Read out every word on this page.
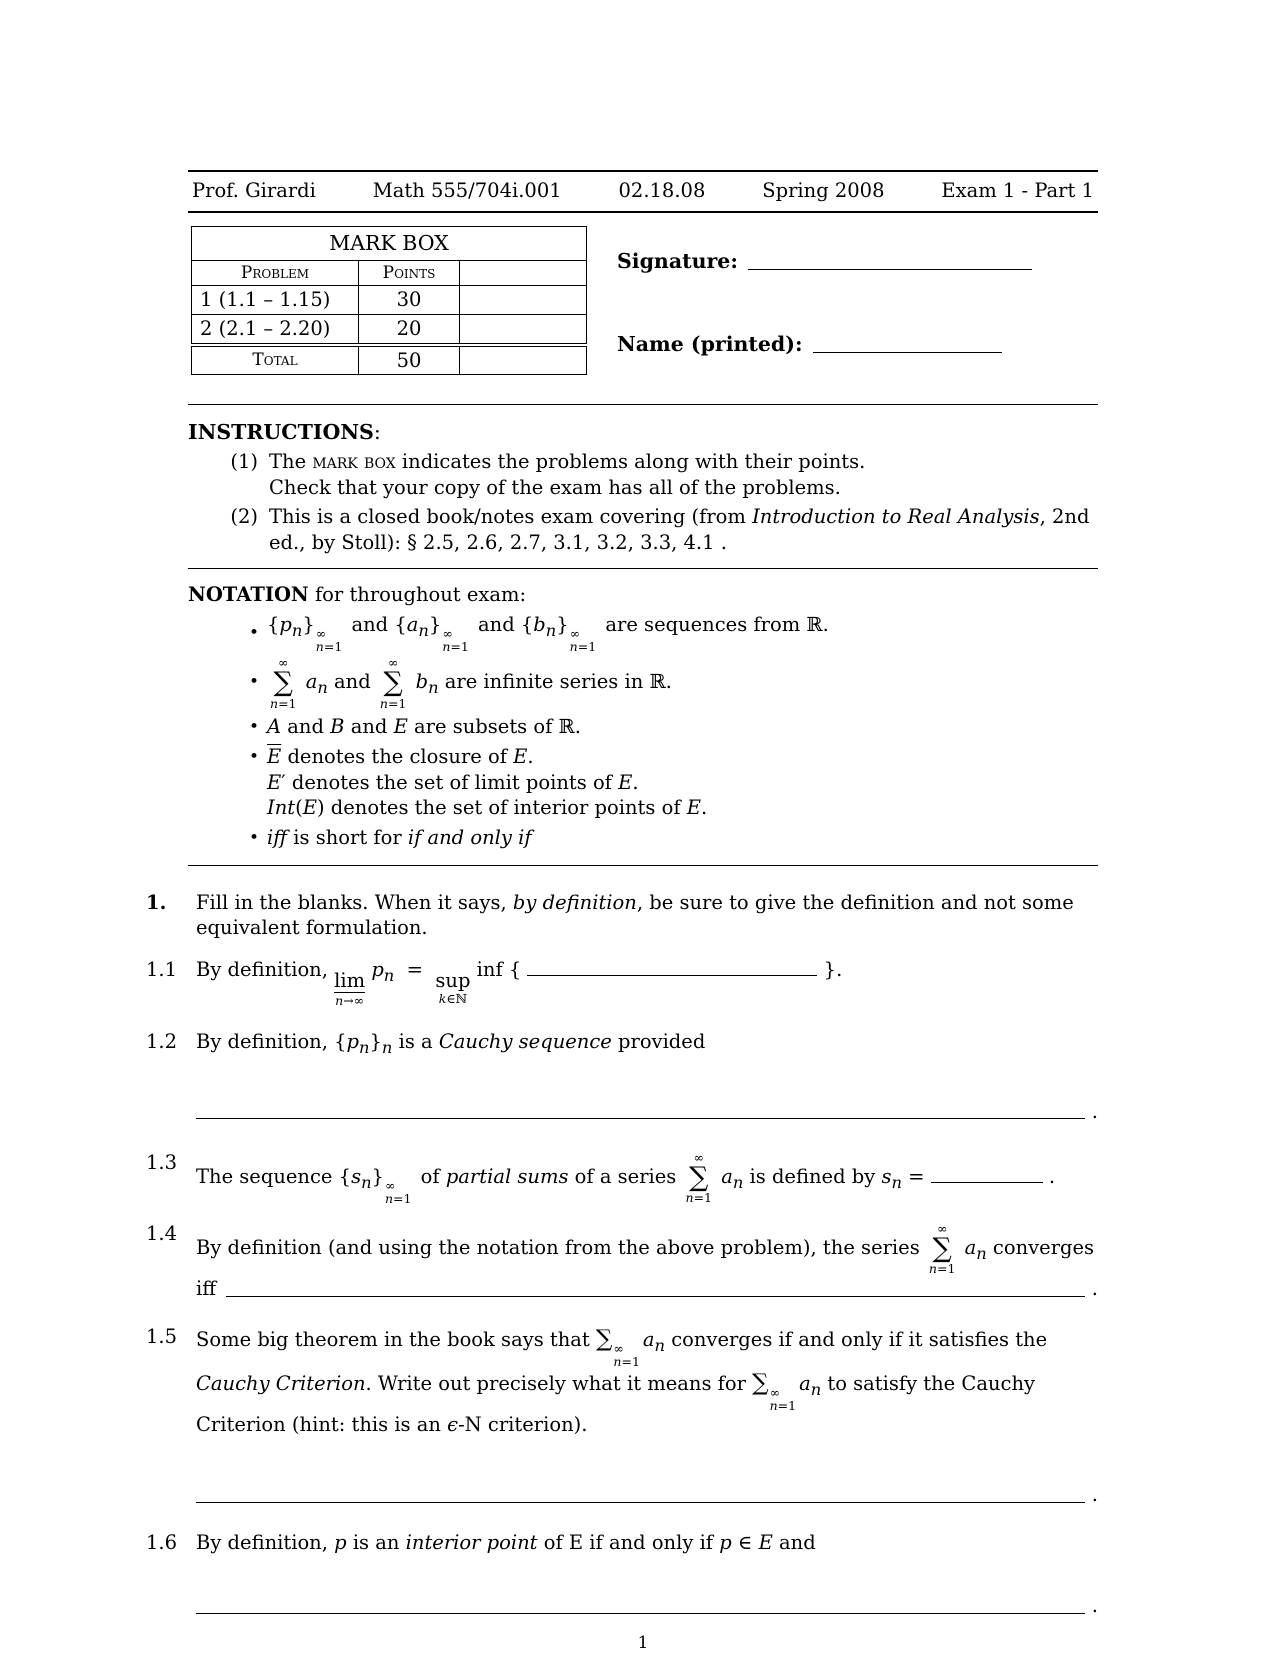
Prof. Girardi	Math 555/704i.001	02.18.08	Spring 2008	Exam 1 - Part 1
MARK BOX		
Problem	Points	
1 (1.1 – 1.15)	30	
2 (2.1 – 2.20)	20	
Total	50	
Signature:
Name (printed):
INSTRUCTIONS:
(1) The mark box indicates the problems along with their points.
Check that your copy of the exam has all of the problems.
(2) This is a closed book/notes exam covering (from Introduction to Real Analysis, 2nd ed., by Stoll): § 2.5, 2.6, 2.7, 3.1, 3.2, 3.3, 4.1 .
NOTATION for throughout exam:
• $\{p_n\}$ ∞
n=1
and $\{a_n\}$ ∞
n=1
and $\{b_n\}$ ∞
n=1
are sequences from ℝ.
•
∞
∑
n=1
$a_n$ and
∞
∑
n=1
$b_n$ are infinite series in ℝ.
• A and B and E are subsets of ℝ.
• $\overline{E}$ denotes the closure of E.
E′ denotes the set of limit points of E.
Int(E) denotes the set of interior points of E.
• iff is short for if and only if
1.	Fill in the blanks. When it says, by definition, be sure to give the definition and not some equivalent formulation.
1.1 By definition, lim
n→∞
$p_n$  = sup
k∈ℕ
inf {	}.
1.2 By definition, $\{p_n\}_n$ is a Cauchy sequence provided
.
1.3
The sequence $\{s_n\}$ ∞
n=1
of partial sums of a series
∞
∑
n=1
$a_n$ is defined by $s_n$ =	.
1.4
By definition (and using the notation from the above problem), the series
∞
∑
n=1
$a_n$ converges
iff	.
1.5 Some big theorem in the book says that ∑ ∞
n=1
$a_n$ converges if and only if it satisfies the Cauchy Criterion. Write out precisely what it means for ∑ ∞
n=1
$a_n$ to satisfy the Cauchy Criterion (hint: this is an ϵ-N criterion).
.
1.6 By definition, p is an interior point of E if and only if p ∈ E and
.
1
